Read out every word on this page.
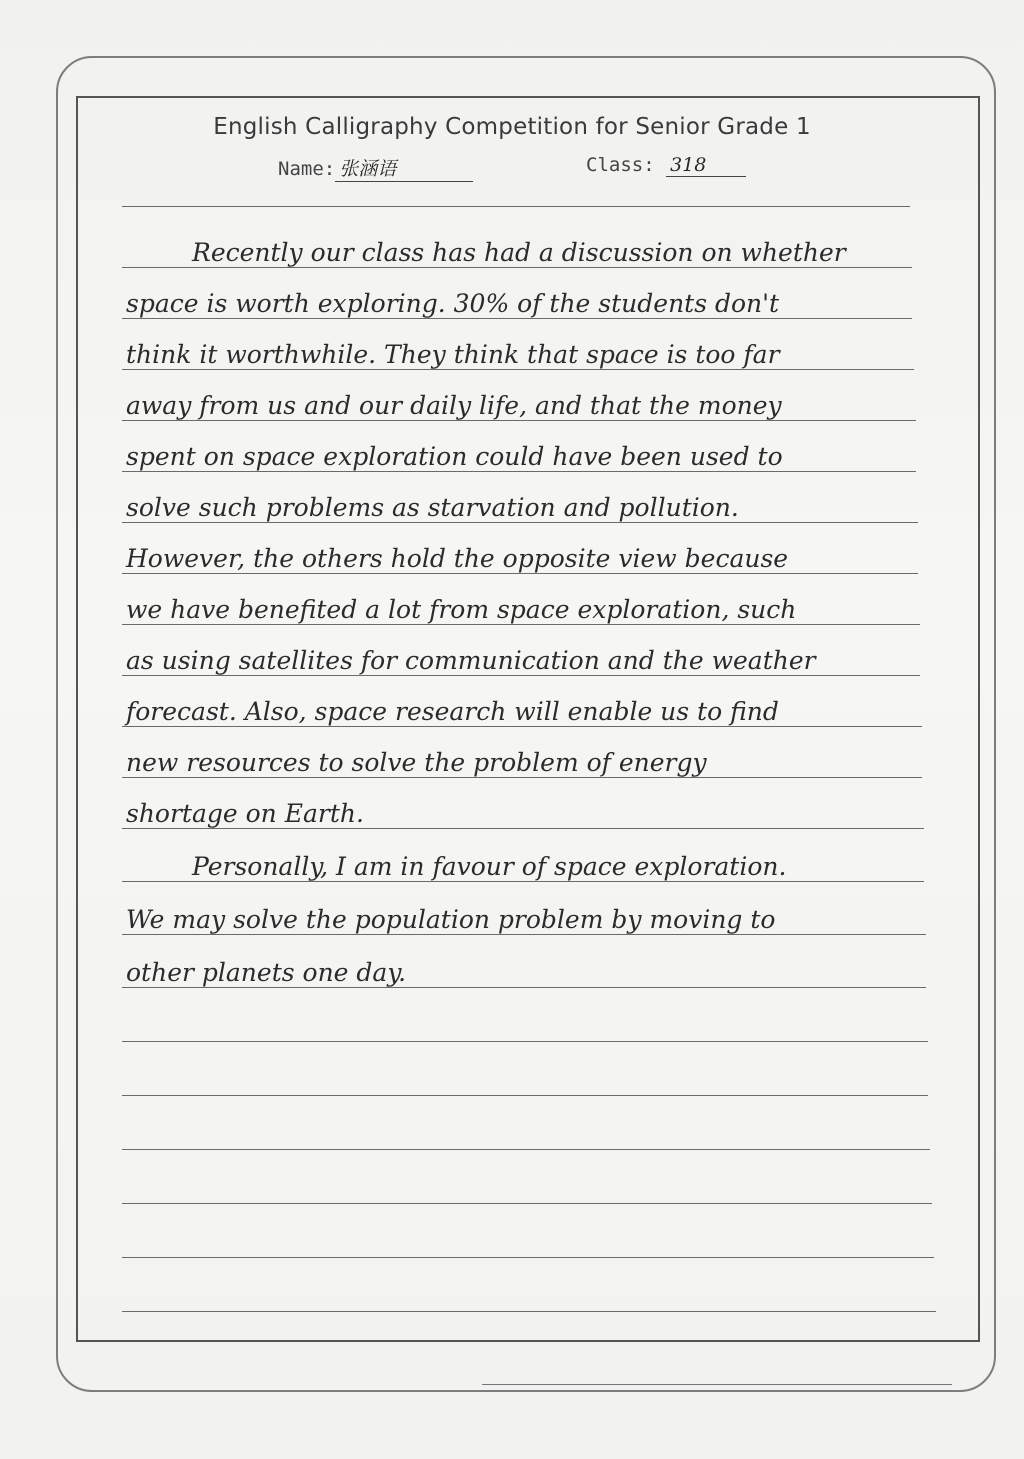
English Calligraphy Competition for Senior Grade 1
Name: 张涵语	Class: 318
Recently our class has had a discussion on whether
space is worth exploring. 30% of the students don't
think it worthwhile. They think that space is too far
away from us and our daily life, and that the money
spent on space exploration could have been used to
solve such problems as starvation and pollution.
However, the others hold the opposite view because
we have benefited a lot from space exploration, such
as using satellites for communication and the weather
forecast. Also, space research will enable us to find
new resources to solve the problem of energy
shortage on Earth.
Personally, I am in favour of space exploration.
We may solve the population problem by moving to
other planets one day.
